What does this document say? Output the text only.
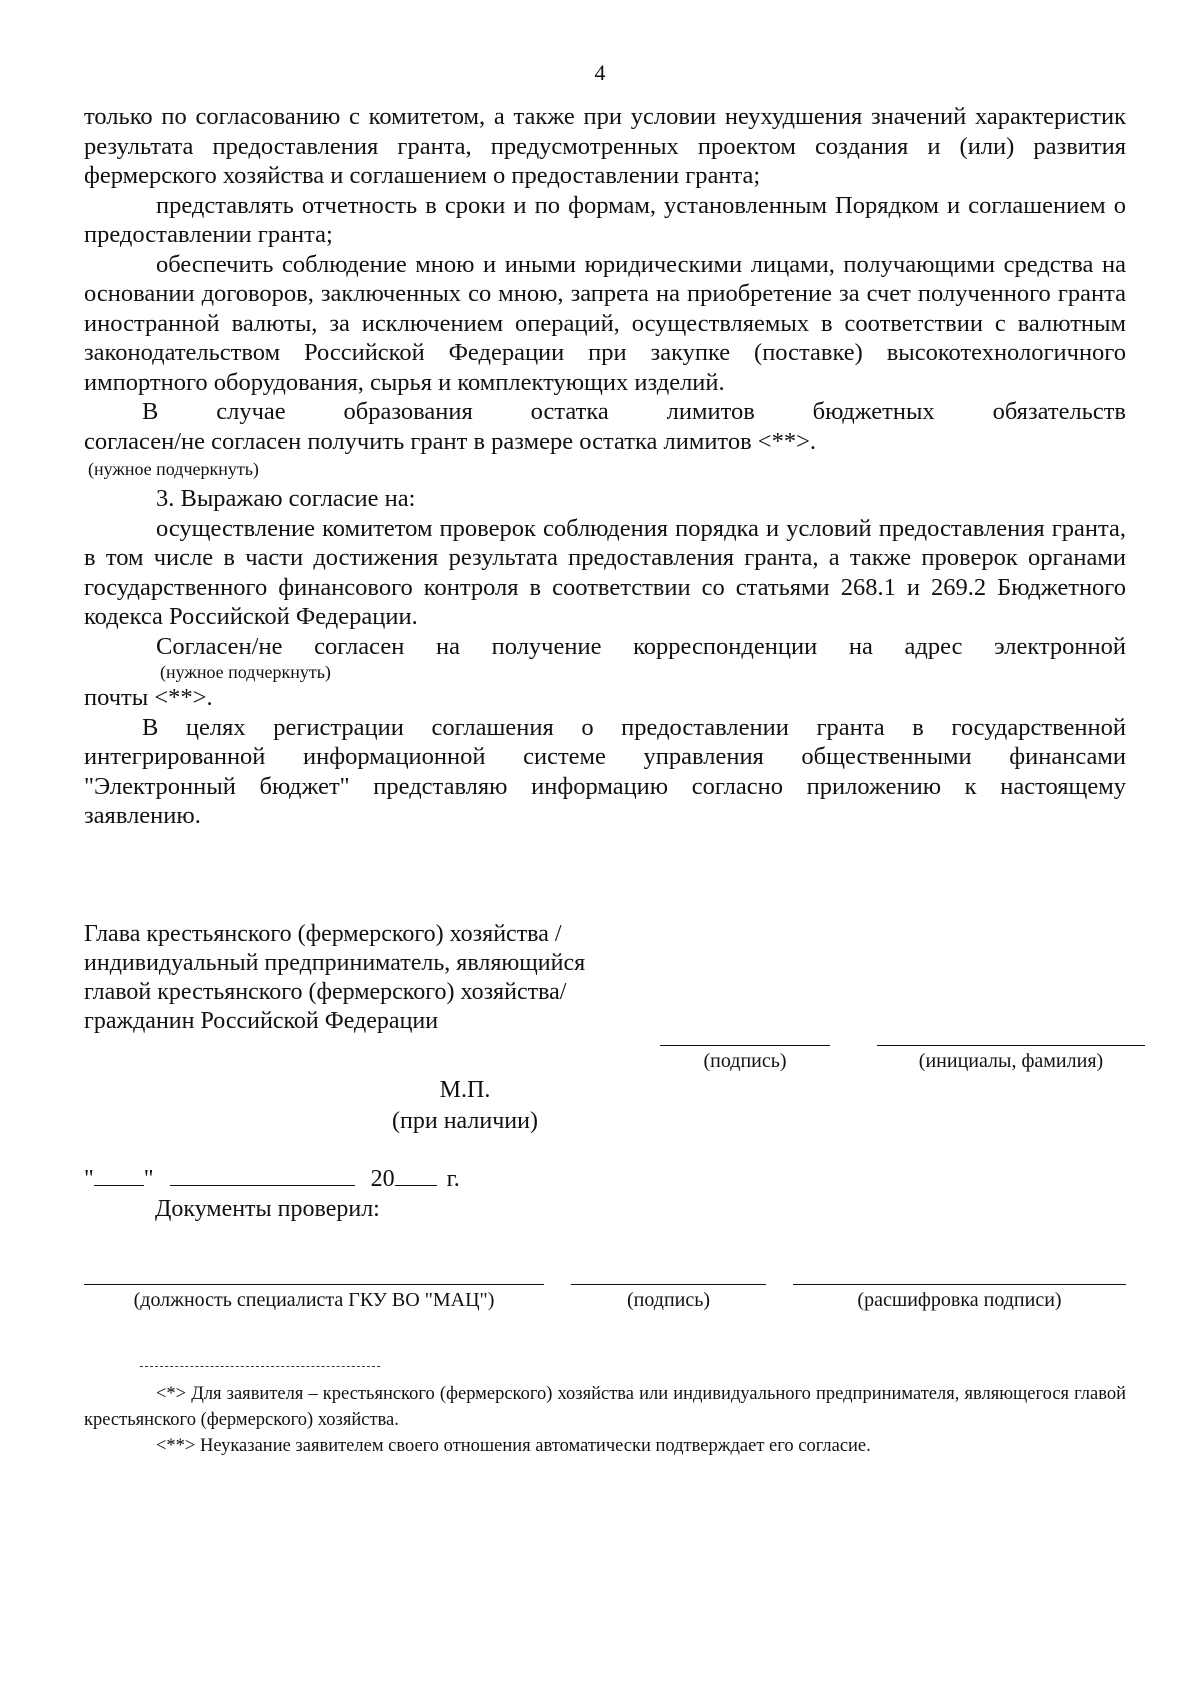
4

только по согласованию с комитетом, а также при условии неухудшения значений характеристик результата предоставления гранта, предусмотренных проектом создания и (или) развития фермерского хозяйства и соглашением о предоставлении гранта;

представлять отчетность в сроки и по формам, установленным Порядком и соглашением о предоставлении гранта;

обеспечить соблюдение мною и иными юридическими лицами, получающими средства на основании договоров, заключенных со мною, запрета на приобретение за счет полученного гранта иностранной валюты, за исключением операций, осуществляемых в соответствии с валютным законодательством Российской Федерации при закупке (поставке) высокотехнологичного импортного оборудования, сырья и комплектующих изделий.

В случае образования остатка лимитов бюджетных обязательств

согласен/не согласен получить грант в размере остатка лимитов <**>.

(нужное подчеркнуть)

3. Выражаю согласие на:

осуществление комитетом проверок соблюдения порядка и условий предоставления гранта, в том числе в части достижения результата предоставления гранта, а также проверок органами государственного финансового контроля в соответствии со статьями 268.1 и 269.2 Бюджетного кодекса Российской Федерации.

Согласен/не согласен на получение корреспонденции на адрес электронной

(нужное подчеркнуть)

почты <**>.

В целях регистрации соглашения о предоставлении гранта в государственной интегрированной информационной системе управления общественными финансами "Электронный бюджет" представляю информацию согласно приложению к настоящему заявлению.

Глава крестьянского (фермерского) хозяйства /
индивидуальный предприниматель, являющийся
главой крестьянского (фермерского) хозяйства/
гражданин Российской Федерации
(подпись)	(инициалы, фамилия)
М.П.
(при наличии)
" "	20 г.
Документы проверил:
(должность специалиста ГКУ ВО "МАЦ")	(подпись)	(расшифровка подписи)

<*> Для заявителя – крестьянского (фермерского) хозяйства или индивидуального предпринимателя, являющегося главой крестьянского (фермерского) хозяйства.

<**> Неуказание заявителем своего отношения автоматически подтверждает его согласие.
